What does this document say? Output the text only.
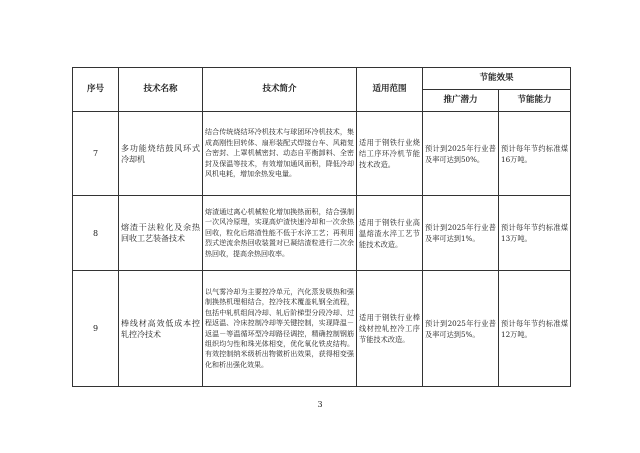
序号	技术名称	技术简介	适用范围	节能效果	
				推广潜力	节能能力
7	多功能烧结鼓风环式冷却机	结合传统烧结环冷机技术与球团环冷机技术，集成高刚性回转体、扇形装配式焊接台车、风箱复合密封、上罩机械密封、动态自平衡卸料、全密封及保温等技术，有效增加通风面积，降低冷却风机电耗，增加余热发电量。	适用于钢铁行业烧结工序环冷机节能技术改造。	预计到2025年行业普及率可达到50%。	预计每年节约标准煤 16万吨。
8	熔渣干法粒化及余热回收工艺装备技术	熔渣通过离心机械粒化增加换热面积，结合强制一次风冷原理，实现高炉渣快速冷却和一次余热回收，粒化后熔渣性能不低于水淬工艺；再利用烈式逆流余热回收装置对已凝结渣粒进行二次余热回收，提高余热回收率。	适用于钢铁行业高温熔渣水淬工艺节能技术改造。	预计到2025年行业普及率可达到1%。	预计每年节约标准煤 13万吨。
9	棒线材高效低成本控轧控冷技术	以气雾冷却为主要控冷单元，汽化蒸发吸热和强制换热机理相结合，控冷技术覆盖轧钢全流程，包括中轧机组间冷却、轧后阶梯型分段冷却、过程返温、冷床控制冷却等关键控制，实现降温－返温－等温循环型冷却路径调控，精确控制钢筋组织均匀性和珠光体相变，优化氧化铁皮结构。有效控制纳米级析出物微析出效果，获得相变强化和析出强化效果。	适用于钢铁行业棒线材控轧控冷工序节能技术改造。	预计到2025年行业普及率可达到5%。	预计每年节约标准煤 12万吨。
3
